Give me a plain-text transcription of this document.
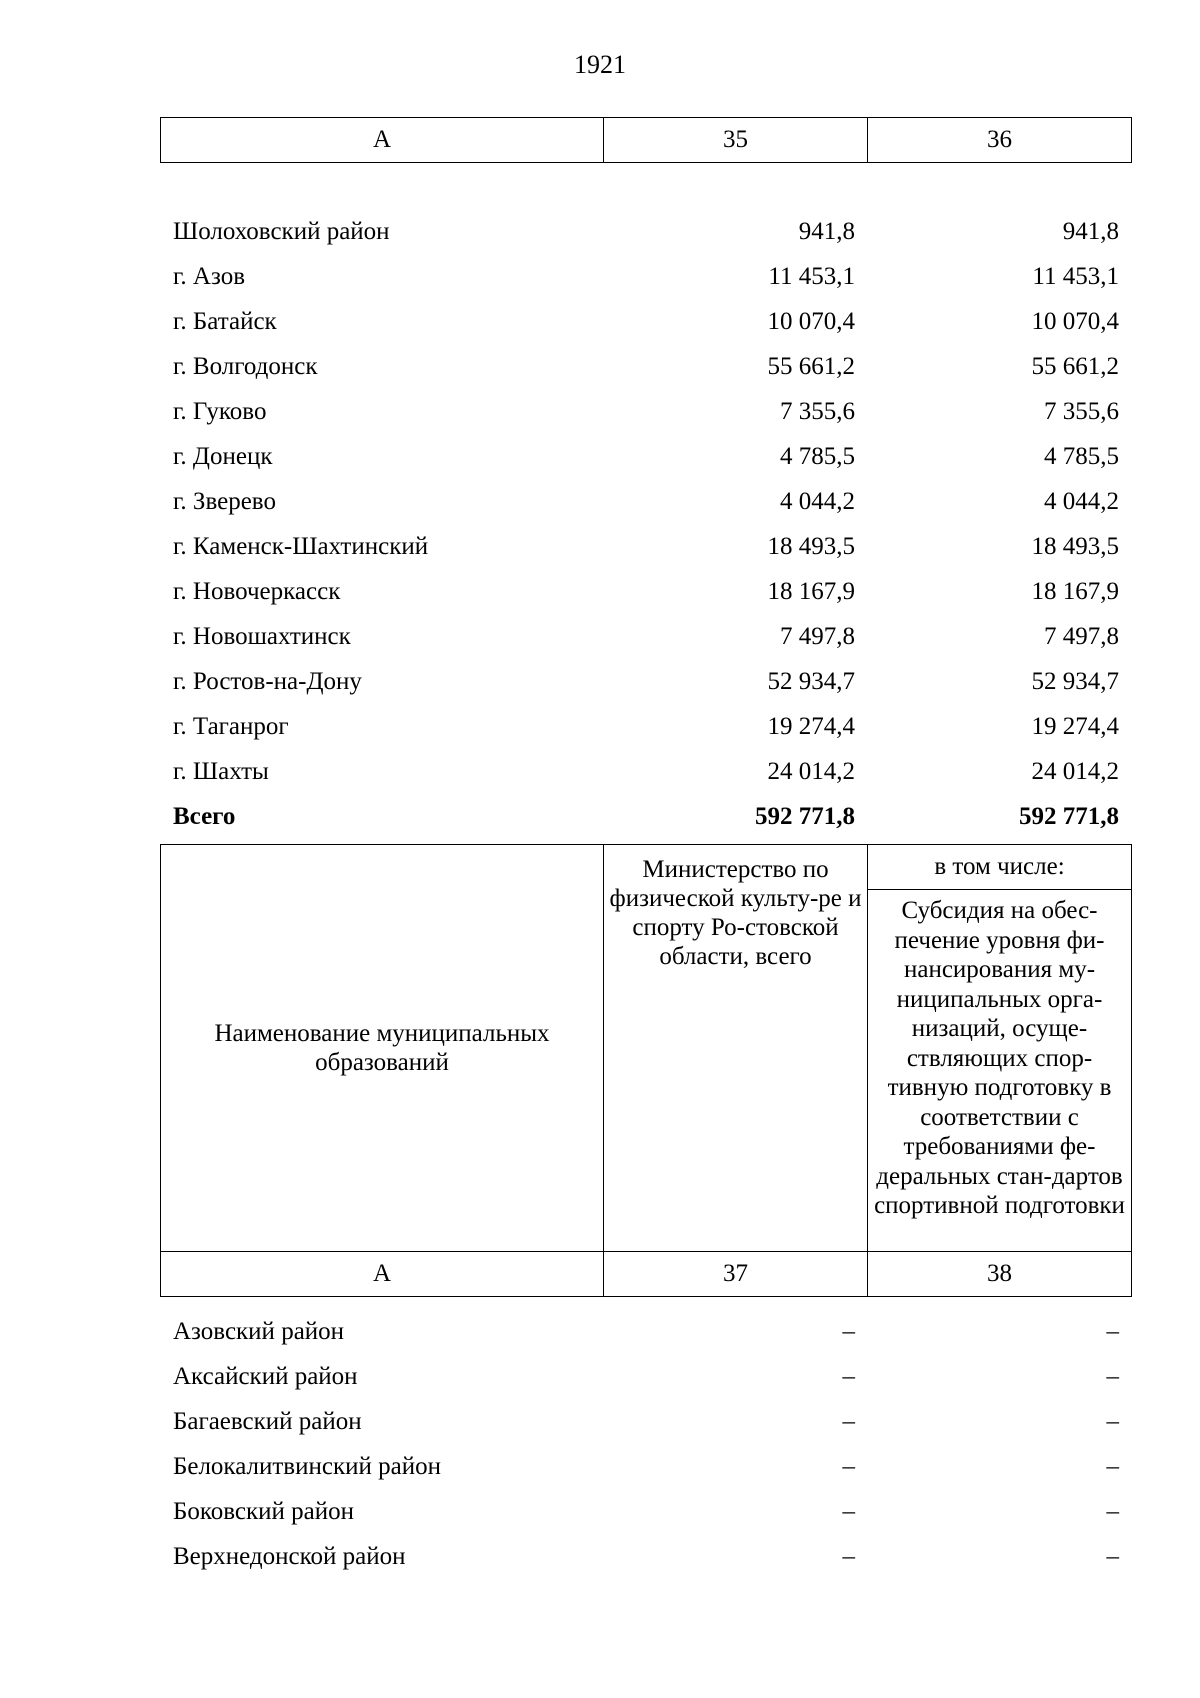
1921
А	35	36
Шолоховский район	941,8	941,8
г. Азов	11 453,1	11 453,1
г. Батайск	10 070,4	10 070,4
г. Волгодонск	55 661,2	55 661,2
г. Гуково	7 355,6	7 355,6
г. Донецк	4 785,5	4 785,5
г. Зверево	4 044,2	4 044,2
г. Каменск-Шахтинский	18 493,5	18 493,5
г. Новочеркасск	18 167,9	18 167,9
г. Новошахтинск	7 497,8	7 497,8
г. Ростов-на-Дону	52 934,7	52 934,7
г. Таганрог	19 274,4	19 274,4
г. Шахты	24 014,2	24 014,2
Всего	592 771,8	592 771,8
Наименование муниципальных образований	Министерство по физической культу-ре и спорту Ро-стовской области, всего	в том числе:
		Субсидия на обес-печение уровня фи-нансирования му-ниципальных орга-низаций, осуще-ствляющих спор-тивную подготовку в соответствии с требованиями фе-деральных стан-дартов спортивной подготовки
А	37	38
Азовский район	–	–
Аксайский район	–	–
Багаевский район	–	–
Белокалитвинский район	–	–
Боковский район	–	–
Верхнедонской район	–	–
